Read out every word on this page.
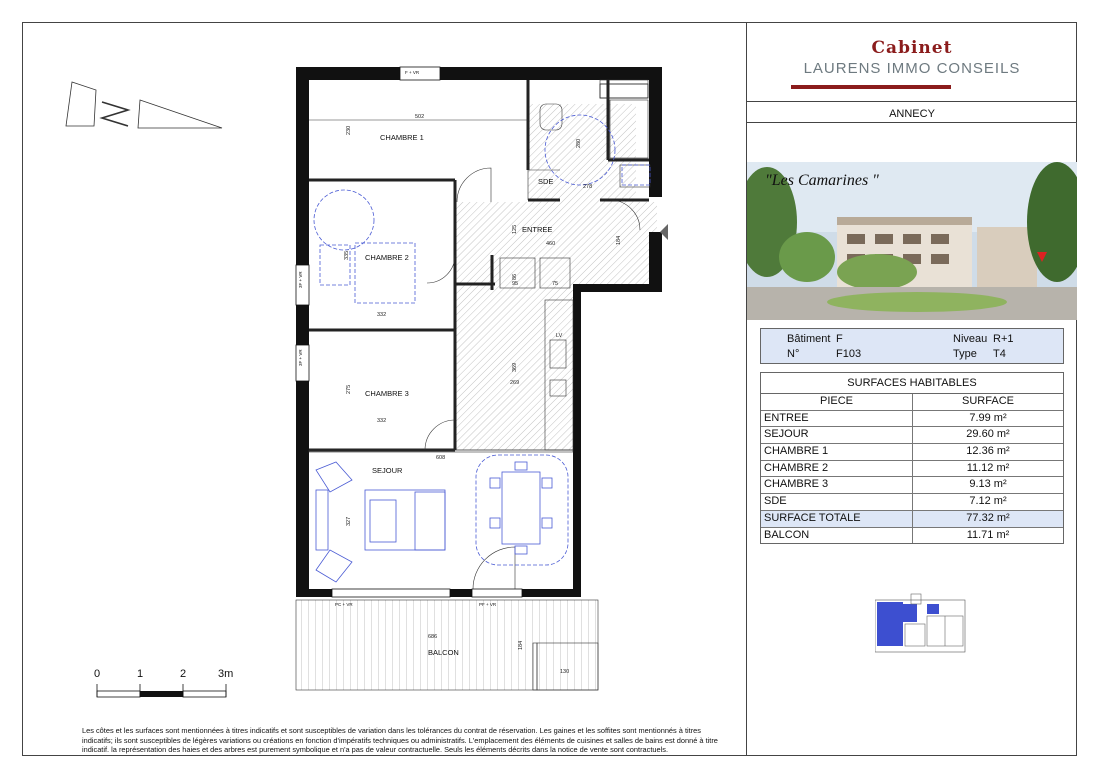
CHAMBRE 1
CHAMBRE 2
CHAMBRE 3
SDE
ENTREE
SEJOUR
BALCON
502
230
280
278
125
460	184
335
332
86
95	75
369
269
275
332
608
327
686
184
130
LV
F + VR
3F + VR
3F + VR
PC + VR	PF + VR
0	1	2	3m
Cabinet
LAURENS IMMO CONSEILS
ANNECY
"Les Camarines "
Bâtiment F	Niveau R+1
N°	F103	Type T4
SURFACES HABITABLES
PIECE	SURFACE
ENTREE	7.99 m²
SEJOUR	29.60 m²
CHAMBRE 1	12.36 m²
CHAMBRE 2	11.12 m²
CHAMBRE 3	9.13 m²
SDE	7.12 m²
SURFACE TOTALE	77.32 m²
BALCON	11.71 m²
Les côtes et les surfaces sont mentionnées à titres indicatifs et sont susceptibles de variation dans les tolérances du contrat de réservation. Les gaines et les soffites sont mentionnés à titres indicatifs; ils sont susceptibles de légères variations ou créations en fonction d'impératifs techniques ou administratifs. L'emplacement des éléments de cuisines et salles de bains est donné à titre indicatif. la représentation des haies et des arbres est purement symbolique et n'a pas de valeur contractuelle. Seuls les éléments décrits dans la notice de vente sont contractuels.
